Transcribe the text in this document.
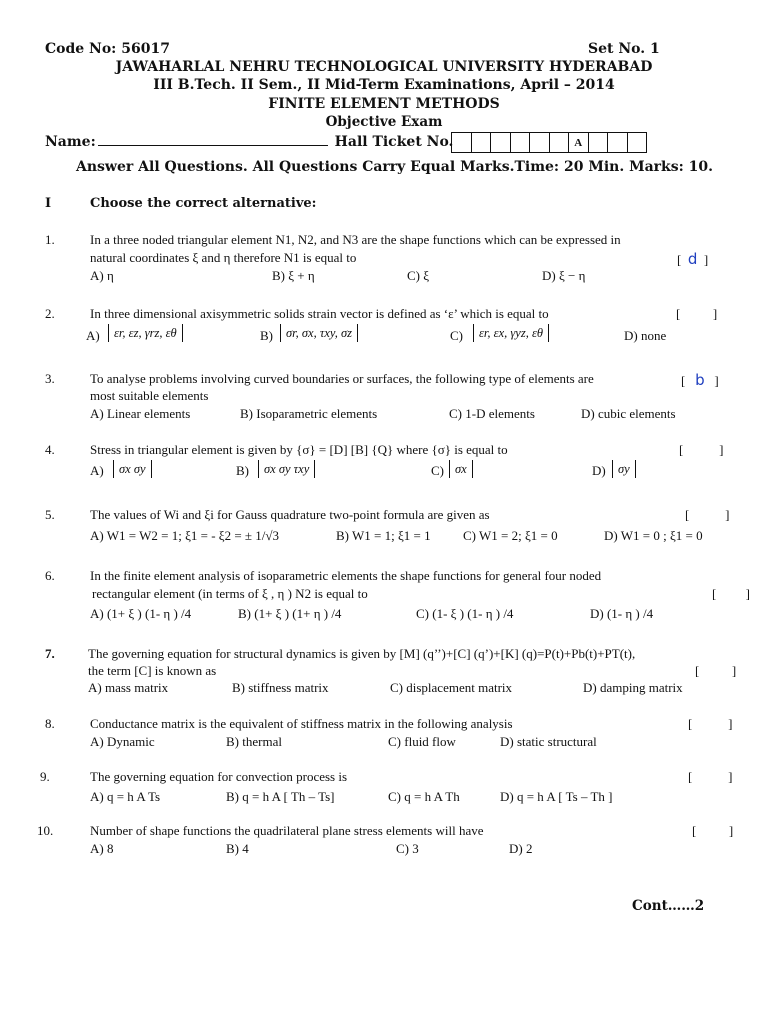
Code No: 56017	Set No. 1
JAWAHARLAL NEHRU TECHNOLOGICAL UNIVERSITY HYDERABAD
III B.Tech. II Sem., II Mid-Term Examinations, April – 2014
FINITE ELEMENT METHODS
Objective Exam
Name:	Hall Ticket No.	A
Answer All Questions. All Questions Carry Equal Marks.Time: 20 Min. Marks: 10.
I	Choose the correct alternative:
1.	In a three noded triangular element N1, N2, and N3 are the shape functions which can be expressed in
natural coordinates ξ and η therefore N1 is equal to	[  d  ]
A) η	B) ξ + η	C) ξ	D) ξ − η
2.	In three dimensional axisymmetric solids strain vector is defined as ‘ε’ which is equal to	[          ]
A)	εr, εz, γrz, εθ	B)	σr, σx, τxy, σz	C)	εr, εx, γyz, εθ	D) none
3.	To analyse problems involving curved boundaries or surfaces, the following type of elements are	[   b   ]
most suitable elements
A) Linear elements	B) Isoparametric elements	C) 1-D elements	D) cubic elements
4.	Stress in triangular element is given by {σ} = [D] [B] {Q} where {σ} is equal to	[           ]
A)	σx σy	B)	σx σy τxy	C) σx	D) σy
5.	The values of Wi and ξi for Gauss quadrature two-point formula are given as	[           ]
A) W1 = W2 = 1; ξ1 = - ξ2 = ± 1/√3	B) W1 = 1; ξ1 = 1 C) W1 = 2; ξ1 = 0	D) W1 = 0 ; ξ1 = 0
6.	In the finite element analysis of isoparametric elements the shape functions for general four noded
rectangular element (in terms of ξ , η ) N2 is equal to	[         ]
A) (1+ ξ ) (1- η ) /4	B) (1+ ξ ) (1+ η ) /4	C) (1- ξ ) (1- η ) /4	D) (1- η ) /4
7.	The governing equation for structural dynamics is given by [M] (q’’)+[C] (q’)+[K] (q)=P(t)+Pb(t)+PT(t),
the term [C] is known as	[          ]
A) mass matrix	B) stiffness matrix	C) displacement matrix	D) damping matrix
8.	Conductance matrix is the equivalent of stiffness matrix in the following analysis	[           ]
A) Dynamic	B) thermal	C) fluid flow	D) static structural
9.	The governing equation for convection process is	[           ]
A) q = h A Ts	B) q = h A [ Th – Ts]	C) q = h A Th	D) q = h A [ Ts – Th ]
10.	Number of shape functions the quadrilateral plane stress elements will have	[          ]
A) 8	B) 4	C) 3	D) 2
Cont……2
